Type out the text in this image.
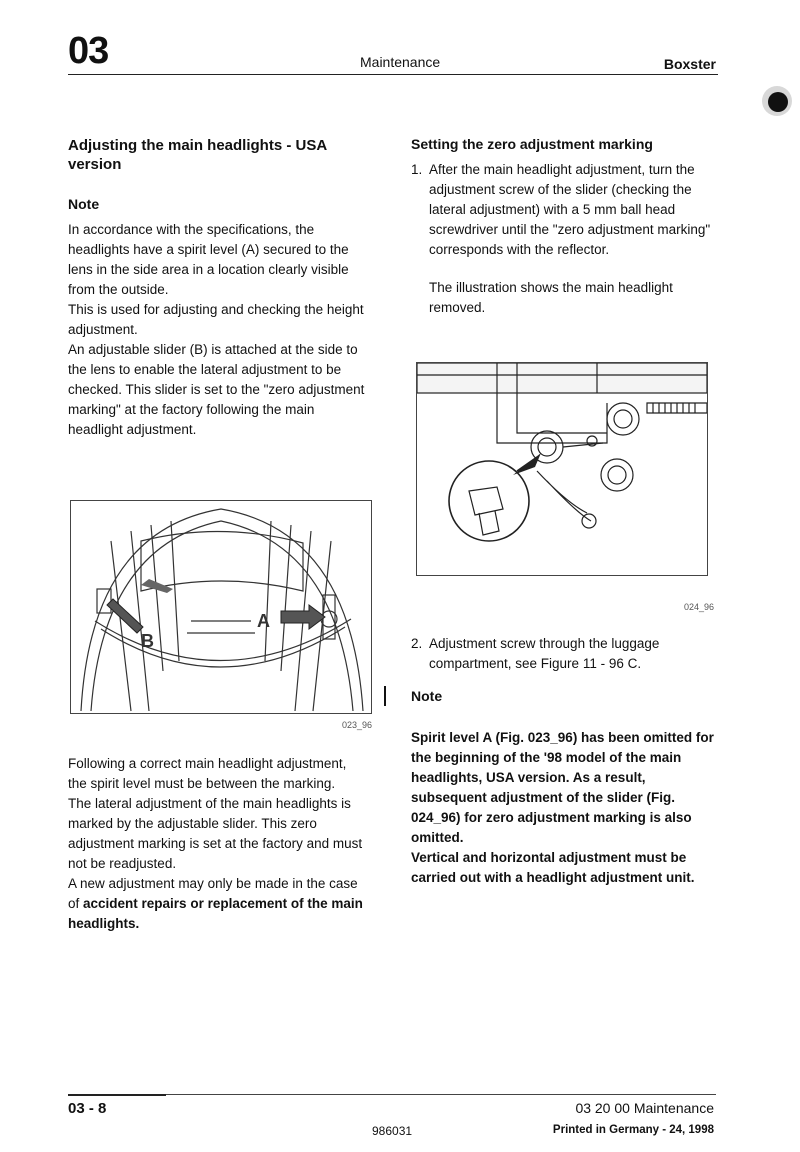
03	Maintenance	Boxster

Adjusting the main headlights - USA version

Note

In accordance with the specifications, the headlights have a spirit level (A) secured to the lens in the side area in a location clearly visible from the outside.

This is used for adjusting and checking the height adjustment.

An adjustable slider (B) is attached at the side to the lens to enable the lateral adjustment to be checked. This slider is set to the "zero adjustment marking" at the factory following the main headlight adjustment.

A
B
023_96

Following a correct main headlight adjustment, the spirit level must be between the marking.

The lateral adjustment of the main headlights is marked by the adjustable slider. This zero adjustment marking is set at the factory and must not be readjusted.

A new adjustment may only be made in the case of accident repairs or replacement of the main headlights.

Setting the zero adjustment marking

1. After the main headlight adjustment, turn the adjustment screw of the slider (checking the lateral adjustment) with a 5 mm ball head screwdriver until the "zero adjustment marking" corresponds with the reflector.

The illustration shows the main headlight removed.

024_96
2. Adjustment screw through the luggage compartment, see Figure 11 - 96 C.

Note

Spirit level A (Fig. 023_96) has been omitted for the beginning of the '98 model of the main headlights, USA version. As a result, subsequent adjustment of the slider (Fig. 024_96) for zero adjustment marking is also omitted.

Vertical and horizontal adjustment must be carried out with a headlight adjustment unit.

03 - 8	03 20 00 Maintenance
986031	Printed in Germany - 24, 1998
